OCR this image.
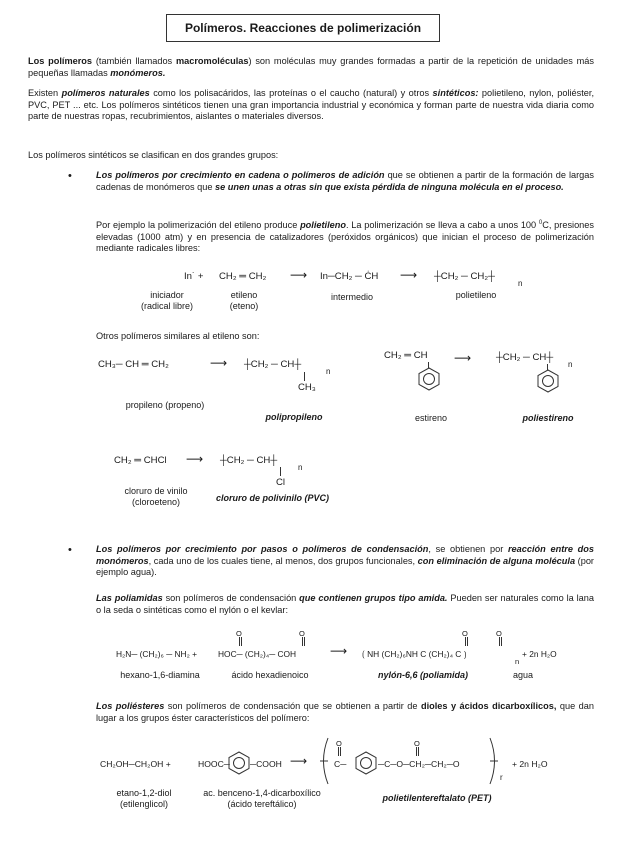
Polímeros. Reacciones de polimerización

Los polímeros (también llamados macromoléculas) son moléculas muy grandes formadas a partir de la repetición de unidades más pequeñas llamadas monómeros.

Existen polímeros naturales como los polisacáridos, las proteínas o el caucho (natural) y otros sintéticos: polietileno, nylon, poliéster, PVC, PET ... etc. Los polímeros sintéticos tienen una gran importancia industrial y económica y forman parte de nuestra vida diaria como parte de nuestras ropas, recubrimientos, aislantes o materiales diversos.

Los polímeros sintéticos se clasifican en dos grandes grupos:

•	Los polímeros por crecimiento en cadena o polímeros de adición que se obtienen a partir de la formación de largas cadenas de monómeros que se unen unas a otras sin que exista pérdida de ninguna molécula en el proceso.

Por ejemplo la polimerización del etileno produce polietileno. La polimerización se lleva a cabo a unos 100 $^0$C, presiones elevadas (1000 atm) y en presencia de catalizadores (peróxidos orgánicos) que inician el proceso de polimerización mediante radicales libres:

In˙ + CH₂ ═ CH₂ ⟶ In─CH₂ ─ ĊH ⟶ ┼CH₂ ─ CH₂┼
n
iniciador
(radical libre)
etileno
(eteno)
intermedio	polietileno

Otros polímeros similares al etileno son:

CH₃─ CH ═ CH₂	⟶ ┼CH₂ ─ CH┼
n
CH₃
propileno (propeno)
polipropileno
CH₂ ═ CH ⟶	┼CH₂ ─ CH┼
n
estireno	poliestireno
CH₂ ═ CHCl ⟶ ┼CH₂ ─ CH┼
n
Cl
cloruro de vinilo
(cloroeteno)	cloruro de polivinilo (PVC)
•	Los polímeros por crecimiento por pasos o polímeros de condensación, se obtienen por reacción entre dos monómeros, cada uno de los cuales tiene, al menos, dos grupos funcionales, con eliminación de alguna molécula (por ejemplo agua).

Las poliamidas son polímeros de condensación que contienen grupos tipo amida. Pueden ser naturales como la lana o la seda o sintéticas como el nylón o el kevlar:

O	O	O	O
H₂N─ (CH₂)₆ ─ NH₂ + HOC─ (CH₂)₄─ COH	⟶ ⟮ NH (CH₂)₆NH C (CH₂)₄ C ⟯
n
+ 2n H₂O
hexano-1,6-diamina	ácido hexadienoico	nylón-6,6 (poliamida)	agua

Los poliésteres son polímeros de condensación que se obtienen a partir de dioles y ácidos dicarboxílicos, que dan lugar a los grupos éster característicos del polímero:

CH₂OH─CH₂OH +	HOOC─ ─COOH ⟶
O	O
C─	─C─O─CH₂─CH₂─O
r
+ 2n H₂O
etano-1,2-diol
(etilenglicol)
ac. benceno-1,4-dicarboxílico
(ácido tereftálico)
polietilentereftalato (PET)
